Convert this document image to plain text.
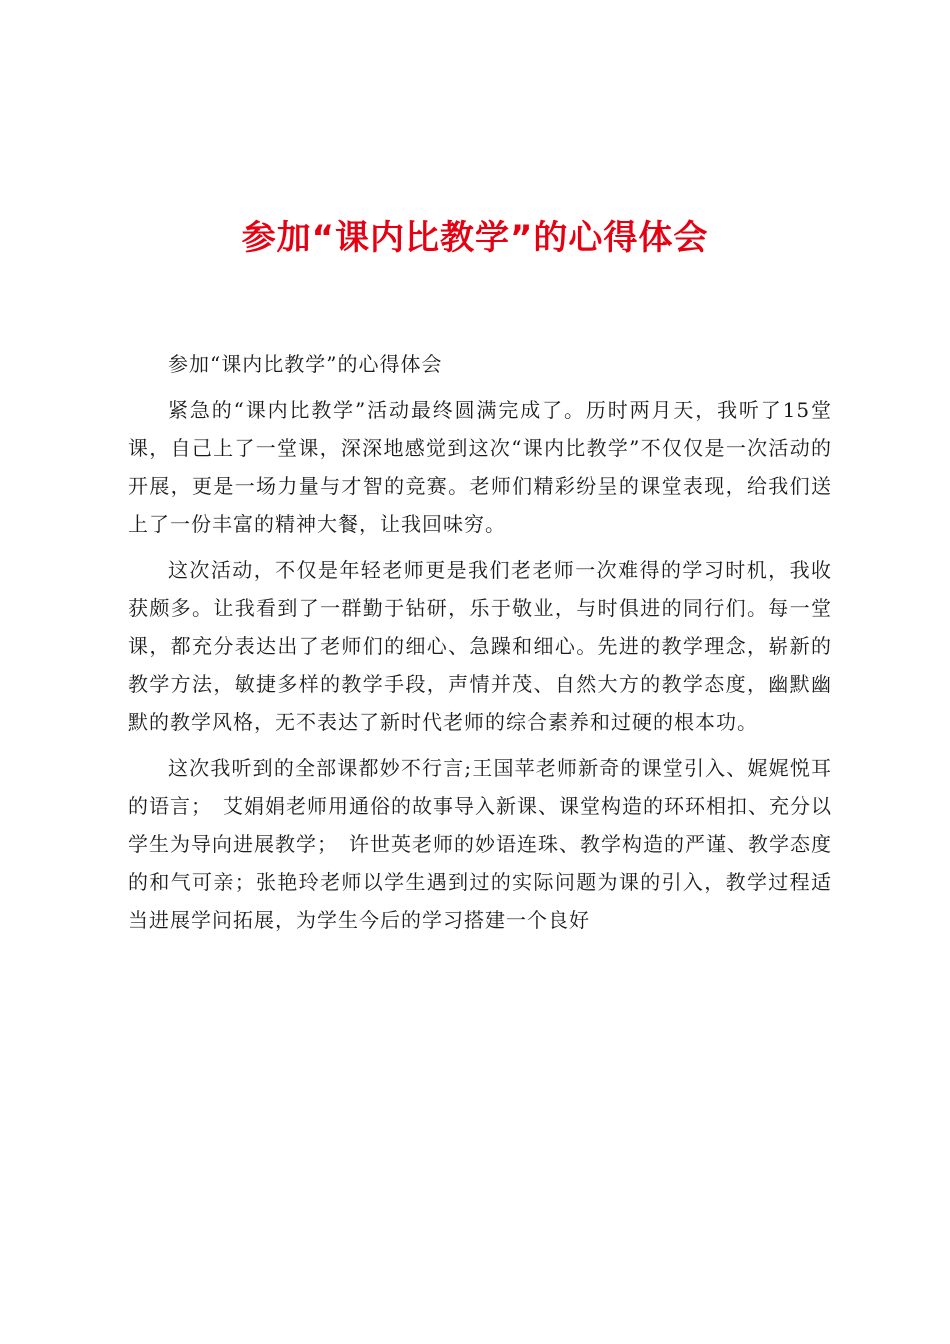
参加“课内比教学”的心得体会

参加“课内比教学”的心得体会

紧急的“课内比教学”活动最终圆满完成了。历时两月天，我听了15堂课，自己上了一堂课，深深地感觉到这次“课内比教学”不仅仅是一次活动的开展，更是一场力量与才智的竞赛。老师们精彩纷呈的课堂表现，给我们送上了一份丰富的精神大餐，让我回味穷。

这次活动，不仅是年轻老师更是我们老老师一次难得的学习时机，我收获颇多。让我看到了一群勤于钻研，乐于敬业，与时俱进的同行们。每一堂课，都充分表达出了老师们的细心、急躁和细心。先进的教学理念，崭新的教学方法，敏捷多样的教学手段，声情并茂、自然大方的教学态度，幽默幽默的教学风格，无不表达了新时代老师的综合素养和过硬的根本功。

这次我听到的全部课都妙不行言;王国苹老师新奇的课堂引入、娓娓悦耳的语言；　艾娟娟老师用通俗的故事导入新课、课堂构造的环环相扣、充分以学生为导向进展教学；　许世英老师的妙语连珠、教学构造的严谨、教学态度的和气可亲；张艳玲老师以学生遇到过的实际问题为课的引入，教学过程适当进展学问拓展，为学生今后的学习搭建一个良好
